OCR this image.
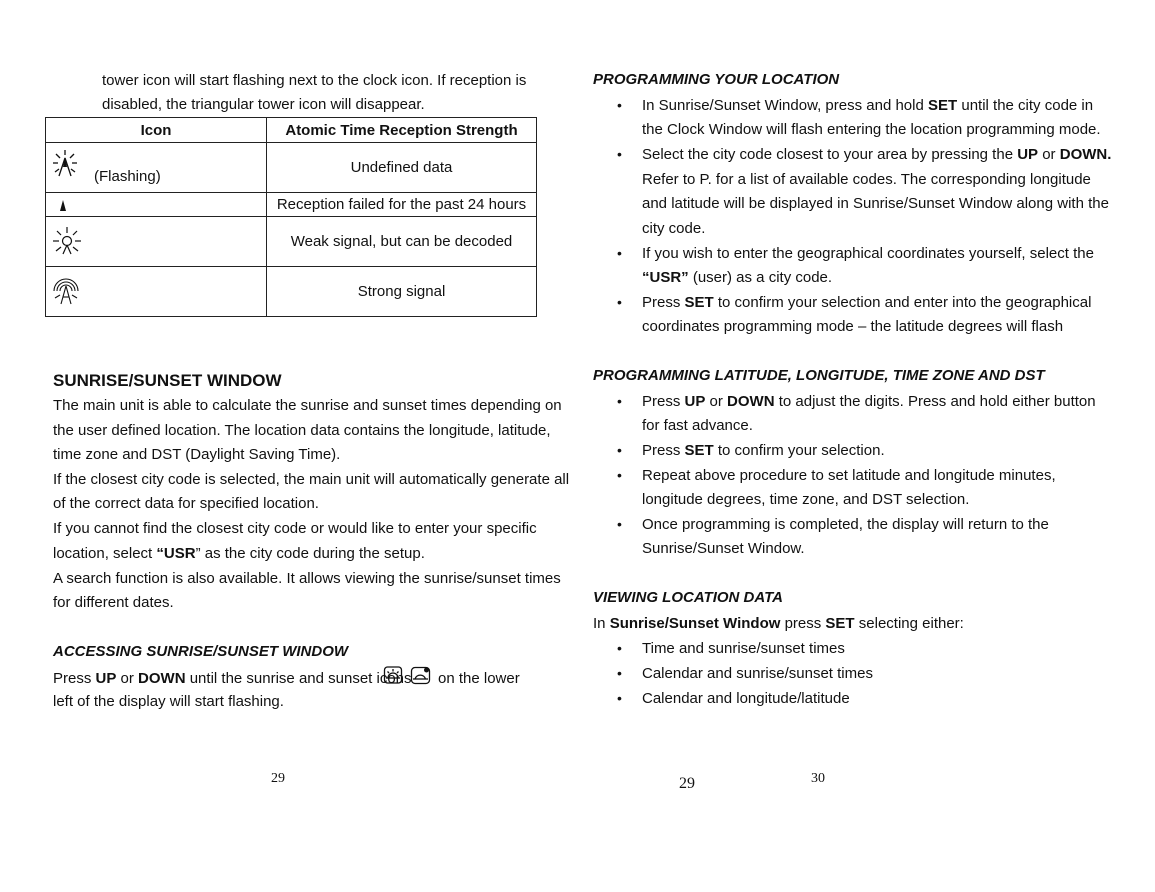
tower icon will start flashing next to the clock icon. If reception is
disabled, the triangular tower icon will disappear.
Icon	Atomic Time Reception Strength

(Flashing)	Undefined data

	Reception failed for the past 24 hours

	Weak signal, but can be decoded

	Strong signal
SUNRISE/SUNSET WINDOW
The main unit is able to calculate the sunrise and sunset times depending on
the user defined location. The location data contains the longitude, latitude,
time zone and DST (Daylight Saving Time).
If the closest city code is selected, the main unit will automatically generate all
of the correct data for specified location.
If you cannot find the closest city code or would like to enter your specific
location, select “USR” as the city code during the setup.
A search function is also available. It allows viewing the sunrise/sunset times
for different dates.
ACCESSING SUNRISE/SUNSET WINDOW
Press UP or DOWN until the sunrise and sunset icons on the lower
left of the display will start flashing.
29
PROGRAMMING YOUR LOCATION
• In Sunrise/Sunset Window, press and hold SET until the city code in
the Clock Window will flash entering the location programming mode.
• Select the city code closest to your area by pressing the UP or DOWN.
Refer to P. for a list of available codes. The corresponding longitude
and latitude will be displayed in Sunrise/Sunset Window along with the
city code.
• If you wish to enter the geographical coordinates yourself, select the
“USR” (user) as a city code.
• Press SET to confirm your selection and enter into the geographical
coordinates programming mode – the latitude degrees will flash
PROGRAMMING LATITUDE, LONGITUDE, TIME ZONE AND DST
• Press UP or DOWN to adjust the digits. Press and hold either button
for fast advance.
• Press SET to confirm your selection.
• Repeat above procedure to set latitude and longitude minutes,
longitude degrees, time zone, and DST selection.
• Once programming is completed, the display will return to the
Sunrise/Sunset Window.
VIEWING LOCATION DATA
In Sunrise/Sunset Window press SET selecting either:
• Time and sunrise/sunset times
• Calendar and sunrise/sunset times
• Calendar and longitude/latitude
29	30
